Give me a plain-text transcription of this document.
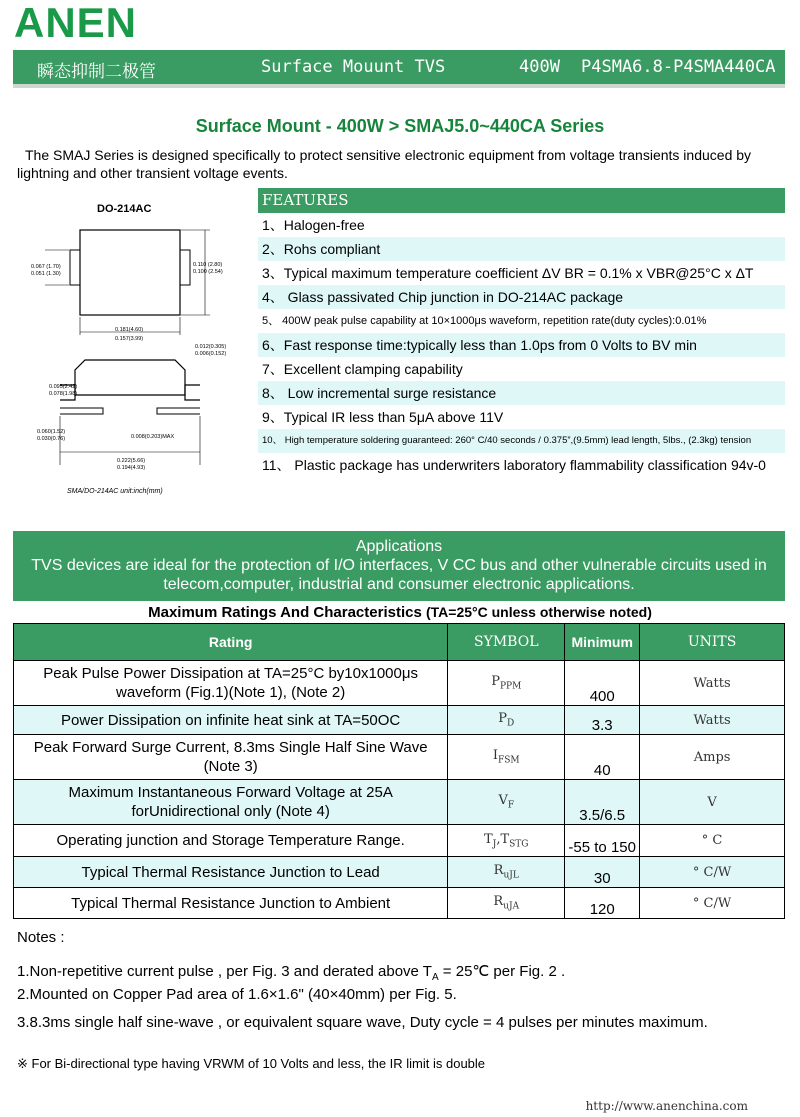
ANEN
瞬态抑制二极管	Surface Mouunt TVS	400W P4SMA6.8-P4SMA440CA
Surface Mount - 400W > SMAJ5.0~440CA Series
The SMAJ Series is designed specifically to protect sensitive electronic equipment from voltage transients induced by lightning and other transient voltage events.
DO-214AC
0.067 (1.70)
0.051 (1.30)
0.110 (2.80)
0.100 (2.54)
0.181(4.60)
0.157(3.99)
0.012(0.305)
0.006(0.152)
0.095(2.42)
0.078(1.98)
0.060(1.52)
0.030(0.76)	0.008(0.203)MAX
0.222(5.66)
0.194(4.93)
SMA/DO-214AC unit:inch(mm)
FEATURES
1、Halogen-free
2、Rohs compliant
3、Typical maximum temperature coefficient ΔV BR = 0.1% x VBR@25°C x ΔT
4、 Glass passivated Chip junction in DO-214AC package
5、 400W peak pulse capability at 10×1000μs waveform, repetition rate(duty cycles):0.01%
6、Fast response time:typically less than 1.0ps from 0 Volts to BV min
7、Excellent clamping capability
8、 Low incremental surge resistance
9、Typical IR less than 5μA above 11V
10、 High temperature soldering guaranteed: 260° C/40 seconds / 0.375”,(9.5mm) lead length, 5lbs., (2.3kg) tension
11、 Plastic package has underwriters laboratory flammability classification 94v-0
Applications
TVS devices are ideal for the protection of I/O interfaces, V CC bus and other vulnerable circuits used in
telecom,computer, industrial and consumer electronic applications.
Maximum Ratings And Characteristics (TA=25°C unless otherwise noted)
Rating	SYMBOL	Minimum	UNITS
Peak Pulse Power Dissipation at TA=25°C by10x1000μs waveform (Fig.1)(Note 1), (Note 2)	$P_{PPM}$	400	Watts
Power Dissipation on infinite heat sink at TA=50OC	$P_D$	3.3	Watts
Peak Forward Surge Current, 8.3ms Single Half Sine Wave (Note 3)	$I_{FSM}$	40	Amps
Maximum Instantaneous Forward Voltage at 25A forUnidirectional only (Note 4)	$V_F$	3.5/6.5	V
Operating junction and Storage Temperature Range.	$T_J,T_{STG}$	-55 to 150	° C
Typical Thermal Resistance Junction to Lead	$R_{uJL}$	30	° C/W
Typical Thermal Resistance Junction to Ambient	$R_{uJA}$	120	° C/W
Notes :
1.Non-repetitive current pulse , per Fig. 3 and derated above $T_A$ = 25℃ per Fig. 2 .
2.Mounted on Copper Pad area of 1.6×1.6" (40×40mm) per Fig. 5.
3.8.3ms single half sine-wave , or equivalent square wave, Duty cycle = 4 pulses per minutes maximum.
※ For Bi-directional type having VRWM of 10 Volts and less, the IR limit is double
http://www.anenchina.com
